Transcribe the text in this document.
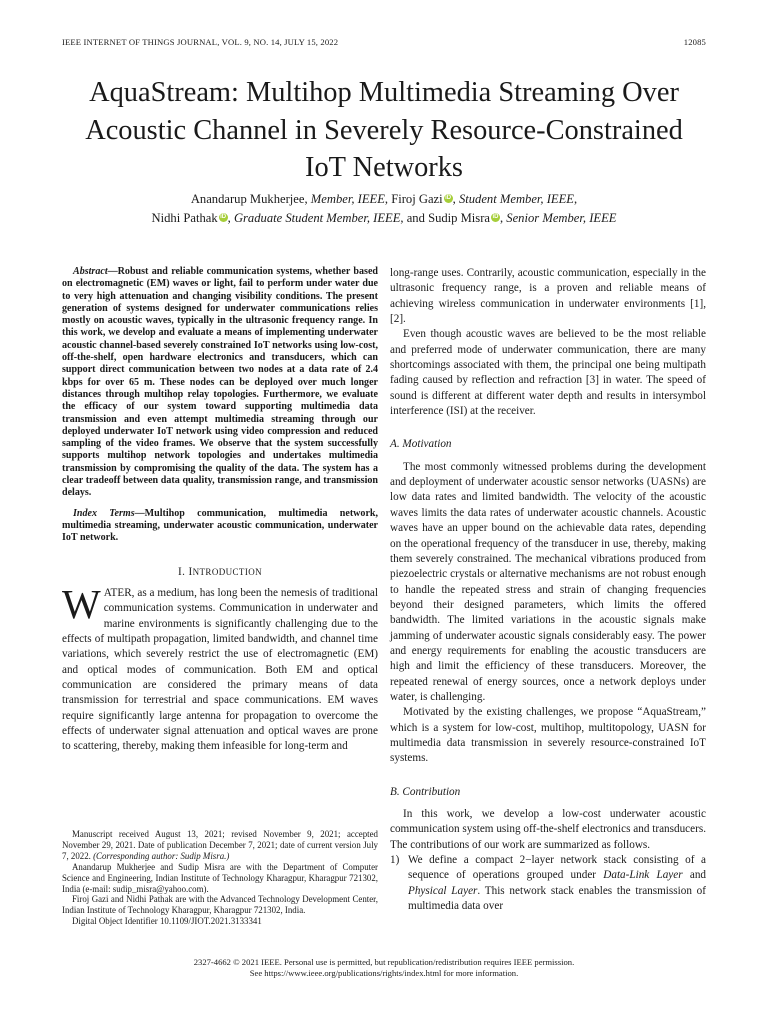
IEEE INTERNET OF THINGS JOURNAL, VOL. 9, NO. 14, JULY 15, 2022	12085
AquaStream: Multihop Multimedia Streaming Over
Acoustic Channel in Severely Resource-Constrained
IoT Networks
Anandarup Mukherjee, Member, IEEE, Firoj Gazi iD , Student Member, IEEE,
Nidhi Pathak iD , Graduate Student Member, IEEE, and Sudip Misra iD , Senior Member, IEEE

Abstract—Robust and reliable communication systems, whether based on electromagnetic (EM) waves or light, fail to perform under water due to very high attenuation and changing visibility conditions. The present generation of systems designed for underwater communications relies mostly on acoustic waves, typically in the ultrasonic frequency range. In this work, we develop and evaluate a means of implementing underwater acoustic channel-based severely constrained IoT networks using low-cost, off-the-shelf, open hardware electronics and transducers, which can support direct communication between two nodes at a data rate of 2.4 kbps for over 65 m. These nodes can be deployed over much longer distances through multihop relay topologies. Furthermore, we evaluate the efficacy of our system toward supporting multimedia data transmission and even attempt multimedia streaming through our deployed underwater IoT network using video compression and reduced sampling of the video frames. We observe that the system successfully supports multihop network topologies and undertakes multimedia transmission by compromising the quality of the data. The system has a clear tradeoff between data quality, transmission range, and transmission delays.

Index Terms—Multihop communication, multimedia network, multimedia streaming, underwater acoustic communication, underwater IoT network.

I. INTRODUCTION

WATER, as a medium, has long been the nemesis of traditional communication systems. Communication in underwater and marine environments is significantly challenging due to the effects of multipath propagation, limited bandwidth, and channel time variations, which severely restrict the use of electromagnetic (EM) and optical modes of communication. Both EM and optical communication are considered the primary means of data transmission for terrestrial and space communications. EM waves require significantly large antenna for propagation to overcome the effects of underwater signal attenuation and optical waves are prone to scattering, thereby, making them infeasible for long-term and

Manuscript received August 13, 2021; revised November 9, 2021; accepted November 29, 2021. Date of publication December 7, 2021; date of current version July 7, 2022. (Corresponding author: Sudip Misra.)

Anandarup Mukherjee and Sudip Misra are with the Department of Computer Science and Engineering, Indian Institute of Technology Kharagpur, Kharagpur 721302, India (e-mail: sudip_misra@yahoo.com).

Firoj Gazi and Nidhi Pathak are with the Advanced Technology Development Center, Indian Institute of Technology Kharagpur, Kharagpur 721302, India.

Digital Object Identifier 10.1109/JIOT.2021.3133341

long-range uses. Contrarily, acoustic communication, especially in the ultrasonic frequency range, is a proven and reliable means of achieving wireless communication in underwater environments [1], [2].

Even though acoustic waves are believed to be the most reliable and preferred mode of underwater communication, there are many shortcomings associated with them, the principal one being multipath fading caused by reflection and refraction [3] in water. The speed of sound is different at different water depth and results in intersymbol interference (ISI) at the receiver.

A. Motivation

The most commonly witnessed problems during the development and deployment of underwater acoustic sensor networks (UASNs) are low data rates and limited bandwidth. The velocity of the acoustic waves limits the data rates of underwater acoustic channels. Acoustic waves have an upper bound on the achievable data rates, depending on the operational frequency of the transducer in use, thereby, making them severely constrained. The mechanical vibrations produced from piezoelectric crystals or alternative mechanisms are not robust enough to handle the repeated stress and strain of changing frequencies beyond their designed parameters, which limits the offered bandwidth. The limited variations in the acoustic signals make jamming of underwater acoustic signals considerably easy. The power and energy requirements for enabling the acoustic transducers are high and limit the efficiency of these transducers. Moreover, the repeated renewal of energy sources, once a network deploys under water, is challenging.

Motivated by the existing challenges, we propose “AquaStream,” which is a system for low-cost, multihop, multitopology, UASN for multimedia data transmission in severely resource-constrained IoT systems.

B. Contribution

In this work, we develop a low-cost underwater acoustic communication system using off-the-shelf electronics and transducers. The contributions of our work are summarized as follows.

1) We define a compact 2−layer network stack consisting of a sequence of operations grouped under Data-Link Layer and Physical Layer. This network stack enables the transmission of multimedia data over
2327-4662 © 2021 IEEE. Personal use is permitted, but republication/redistribution requires IEEE permission.
See https://www.ieee.org/publications/rights/index.html for more information.
